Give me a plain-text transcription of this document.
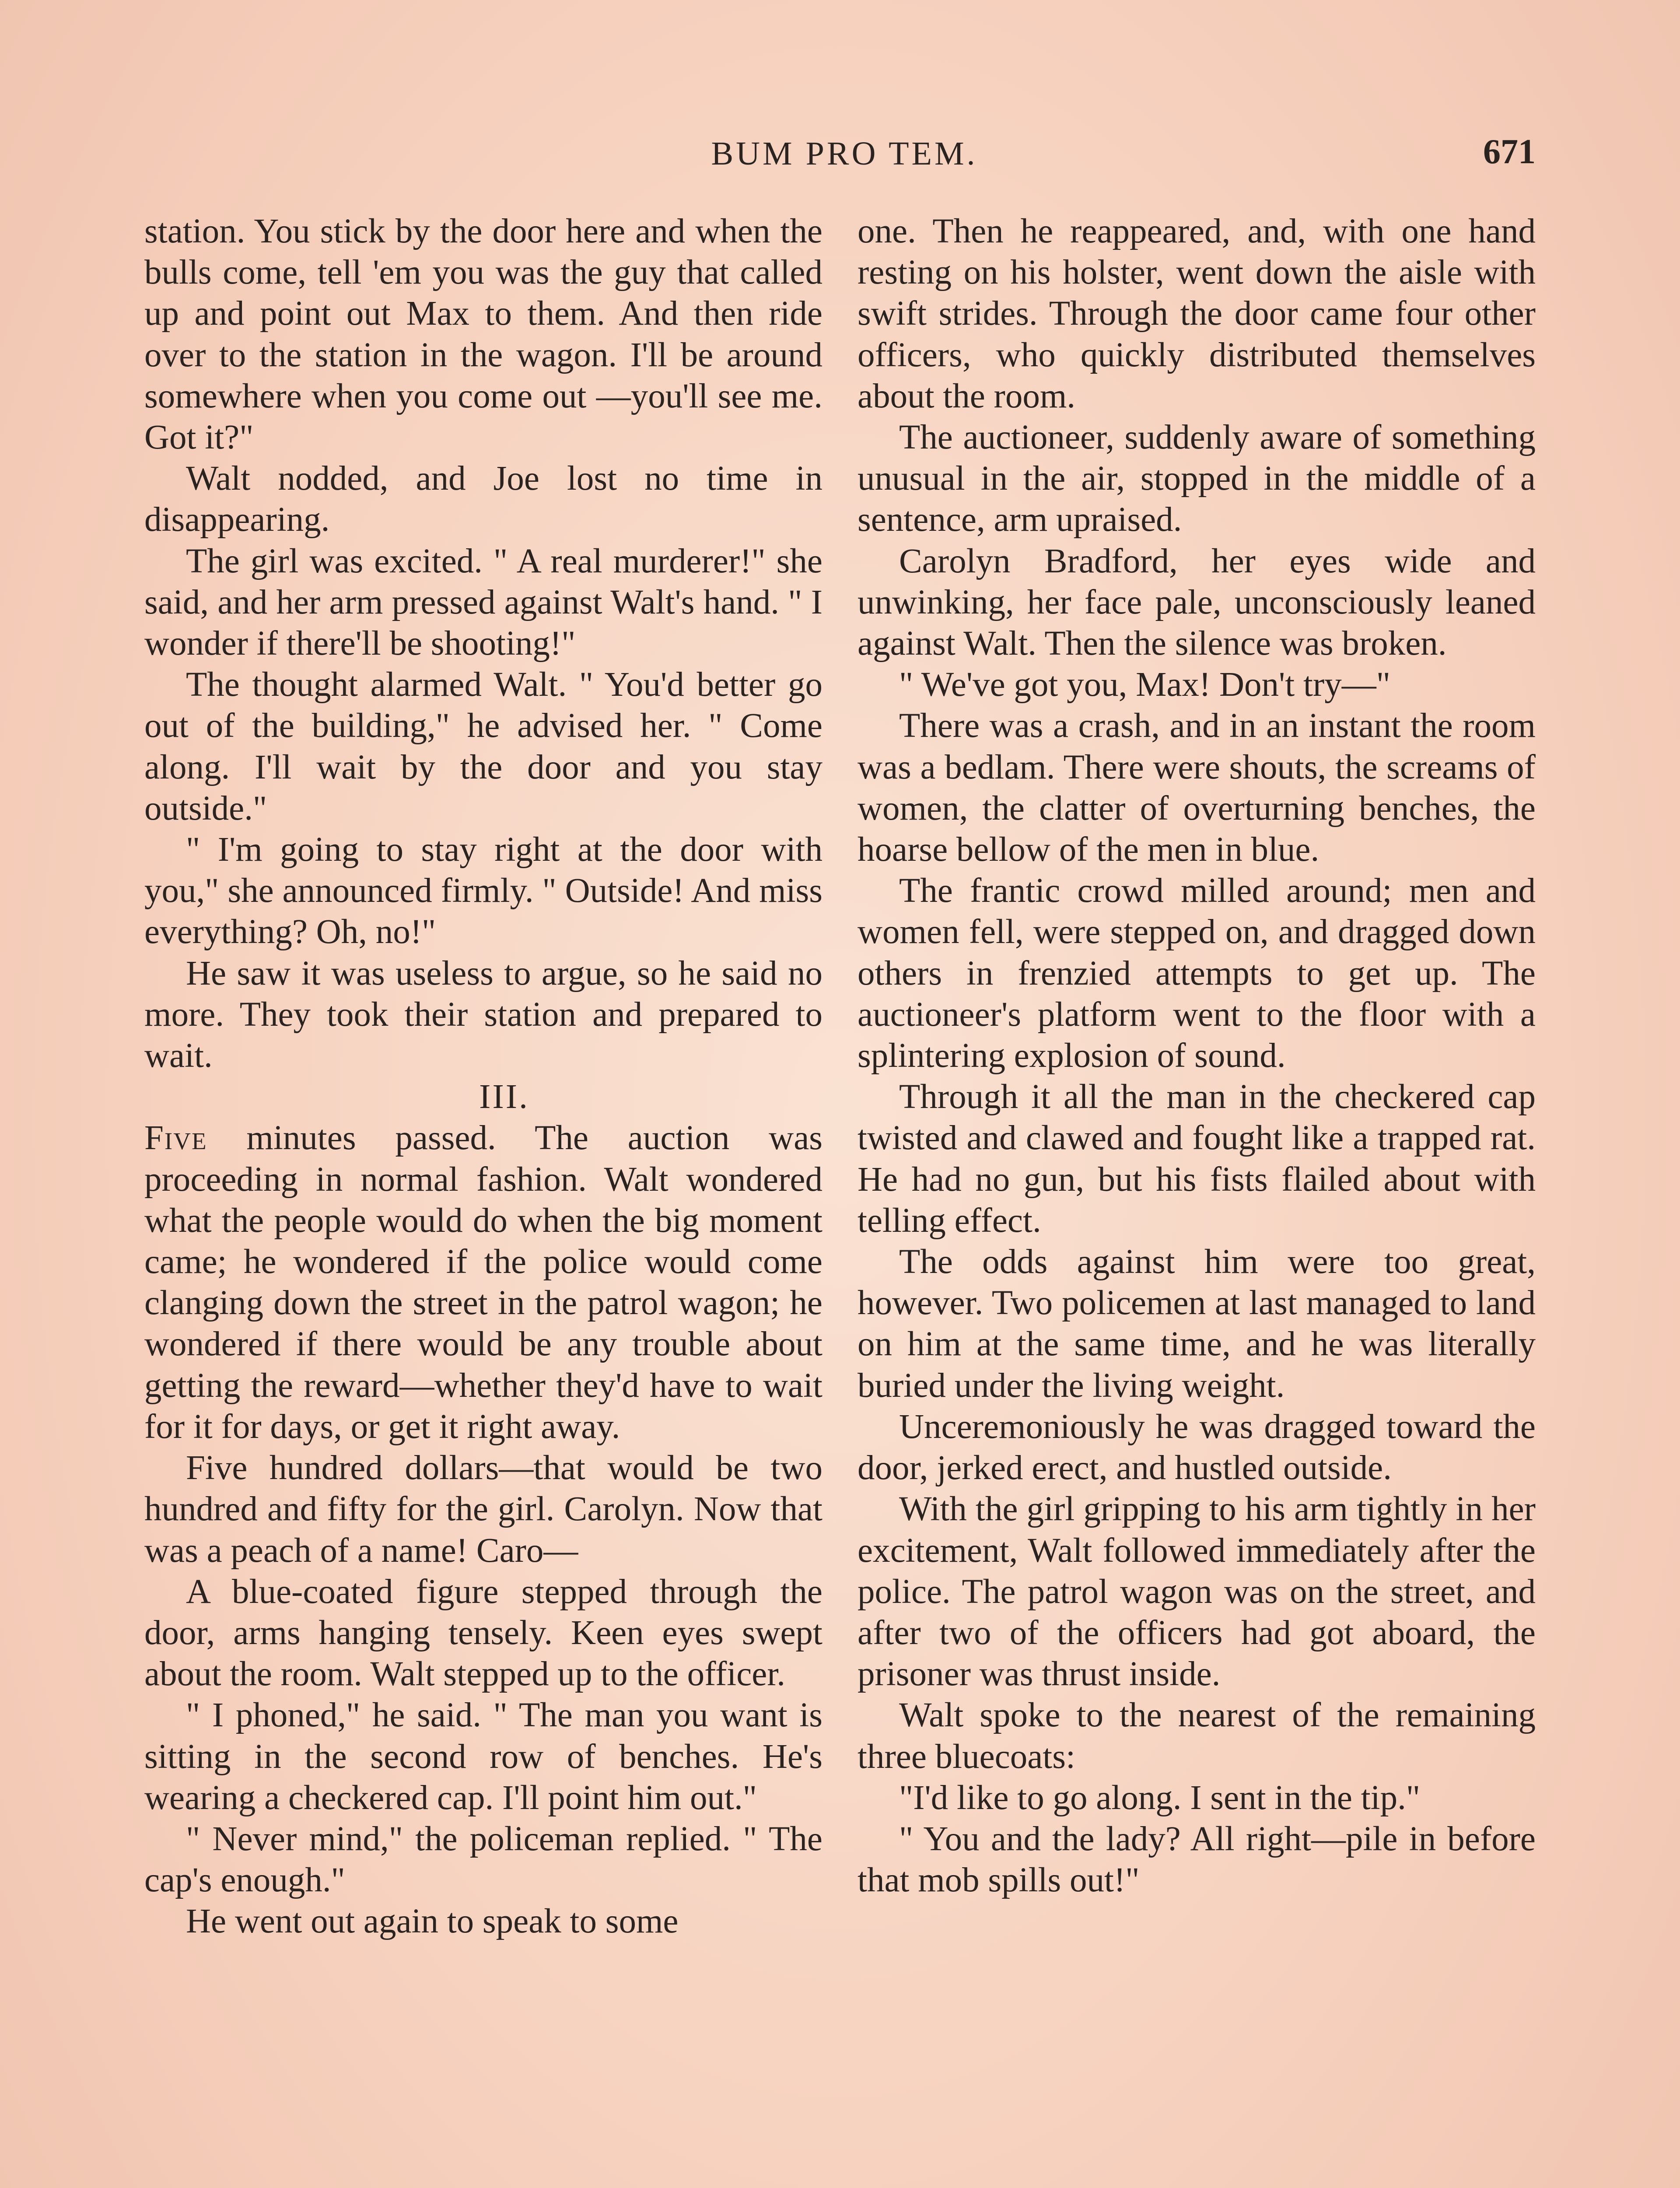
BUM PRO TEM.	671

station. You stick by the door here and when the bulls come, tell 'em you was the guy that called up and point out Max to them. And then ride over to the station in the wagon. I'll be around somewhere when you come out —you'll see me. Got it?"

Walt nodded, and Joe lost no time in disappearing.

The girl was excited. " A real murderer!" she said, and her arm pressed against Walt's hand. " I wonder if there'll be shooting!"

The thought alarmed Walt. " You'd better go out of the building," he advised her. " Come along. I'll wait by the door and you stay outside."

" I'm going to stay right at the door with you," she announced firmly. " Outside! And miss everything? Oh, no!"

He saw it was useless to argue, so he said no more. They took their station and prepared to wait.

III.

Five minutes passed. The auction was proceeding in normal fashion. Walt wondered what the people would do when the big moment came; he wondered if the police would come clanging down the street in the patrol wagon; he wondered if there would be any trouble about getting the reward—whether they'd have to wait for it for days, or get it right away.

Five hundred dollars—that would be two hundred and fifty for the girl. Carolyn. Now that was a peach of a name! Caro—

A blue-coated figure stepped through the door, arms hanging tensely. Keen eyes swept about the room. Walt stepped up to the officer.

" I phoned," he said. " The man you want is sitting in the second row of benches. He's wearing a checkered cap. I'll point him out."

" Never mind," the policeman replied. " The cap's enough."

He went out again to speak to some

one. Then he reappeared, and, with one hand resting on his holster, went down the aisle with swift strides. Through the door came four other officers, who quickly distributed themselves about the room.

The auctioneer, suddenly aware of something unusual in the air, stopped in the middle of a sentence, arm upraised.

Carolyn Bradford, her eyes wide and unwinking, her face pale, unconsciously leaned against Walt. Then the silence was broken.

" We've got you, Max! Don't try—"

There was a crash, and in an instant the room was a bedlam. There were shouts, the screams of women, the clatter of overturning benches, the hoarse bellow of the men in blue.

The frantic crowd milled around; men and women fell, were stepped on, and dragged down others in frenzied attempts to get up. The auctioneer's platform went to the floor with a splintering explosion of sound.

Through it all the man in the checkered cap twisted and clawed and fought like a trapped rat. He had no gun, but his fists flailed about with telling effect.

The odds against him were too great, however. Two policemen at last managed to land on him at the same time, and he was literally buried under the living weight.

Unceremoniously he was dragged toward the door, jerked erect, and hustled outside.

With the girl gripping to his arm tightly in her excitement, Walt followed immediately after the police. The patrol wagon was on the street, and after two of the officers had got aboard, the prisoner was thrust inside.

Walt spoke to the nearest of the remaining three bluecoats:

"I'd like to go along. I sent in the tip."

" You and the lady? All right—pile in before that mob spills out!"
